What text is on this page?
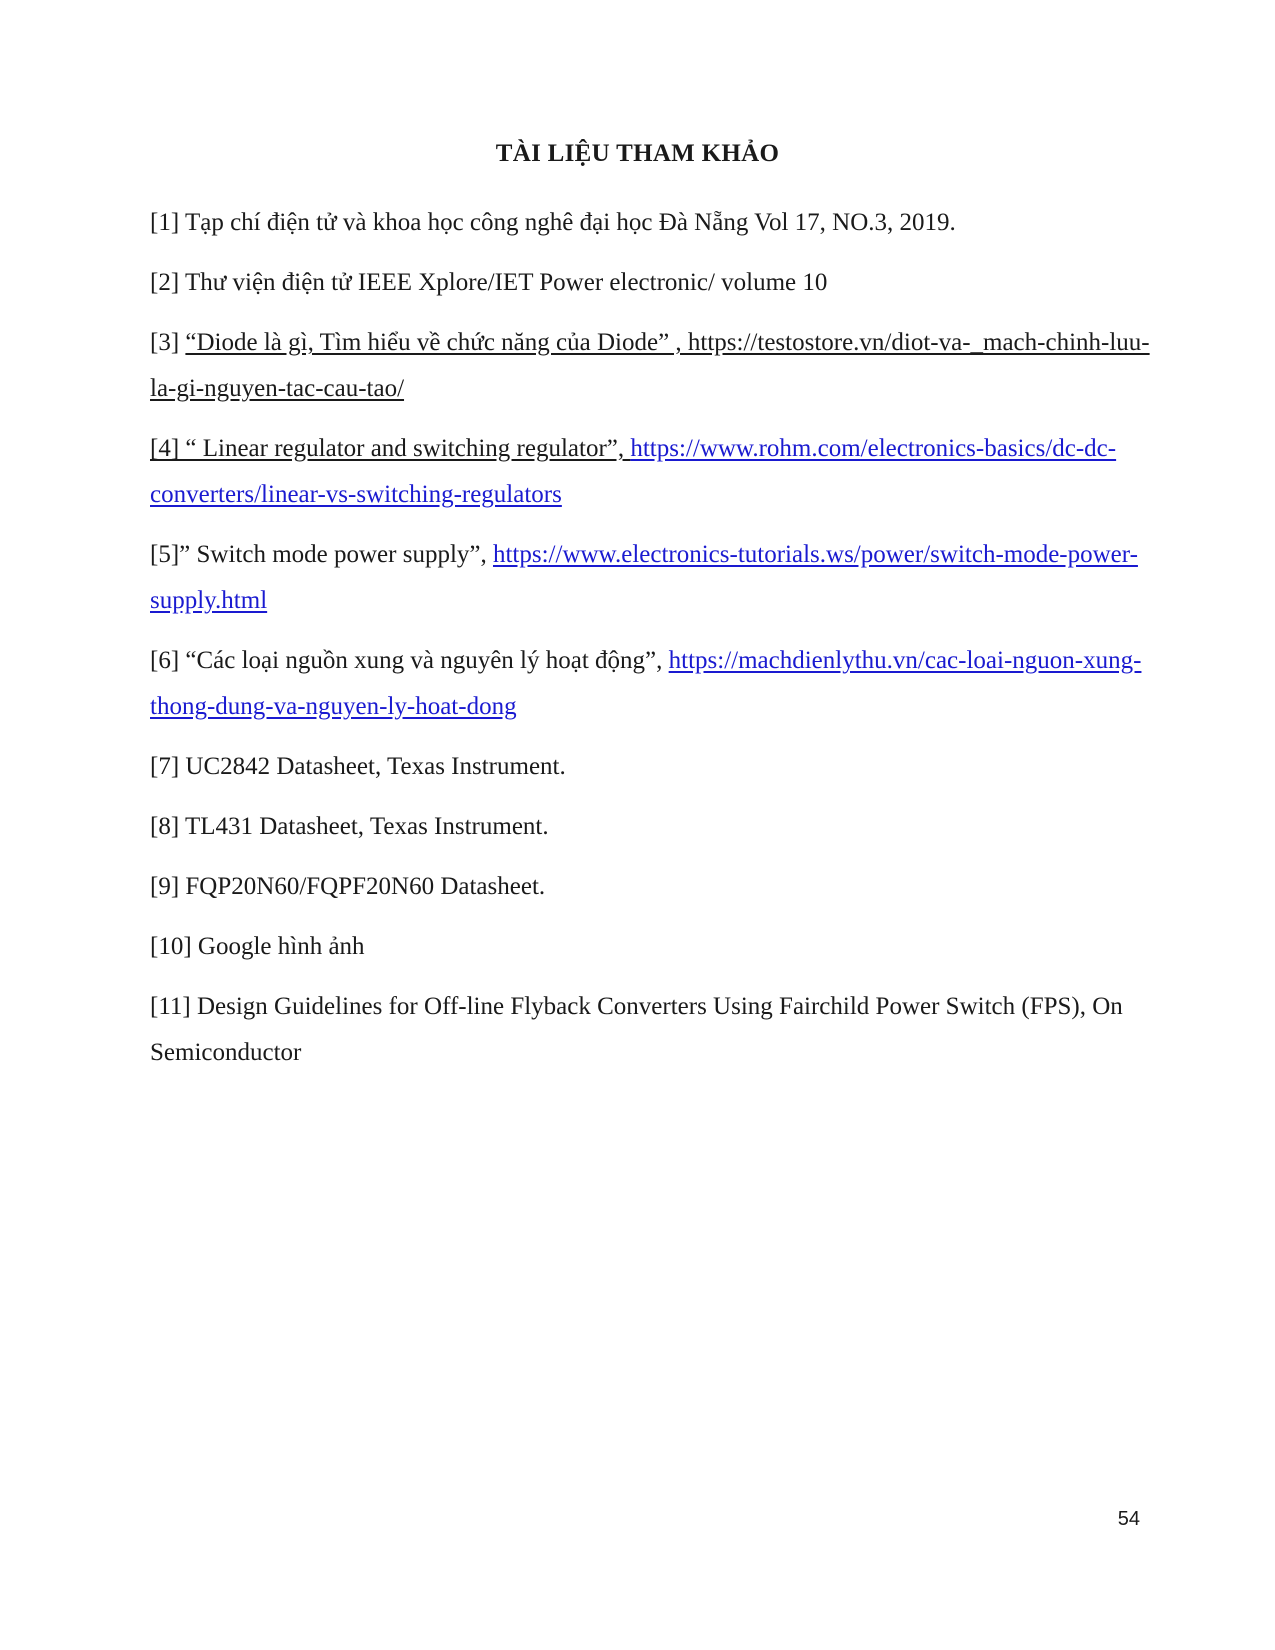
TÀI LIỆU THAM KHẢO
[1] Tạp chí điện tử và khoa học công nghê đại học Đà Nẵng Vol 17, NO.3, 2019.
[2] Thư viện điện tử IEEE Xplore/IET Power electronic/ volume 10
[3] “Diode là gì, Tìm hiểu về chức năng của Diode” , https://testostore.vn/diot-va-_mach-chinh-luu-la-gi-nguyen-tac-cau-tao/
[4] “ Linear regulator and switching regulator”, https://www.rohm.com/electronics-basics/dc-dc-converters/linear-vs-switching-regulators
[5]” Switch mode power supply”, https://www.electronics-tutorials.ws/power/switch-mode-power-supply.html
[6] “Các loại nguồn xung và nguyên lý hoạt động”, https://machdienlythu.vn/cac-loai-nguon-xung-thong-dung-va-nguyen-ly-hoat-dong
[7] UC2842 Datasheet, Texas Instrument.
[8] TL431 Datasheet, Texas Instrument.
[9] FQP20N60/FQPF20N60 Datasheet.
[10] Google hình ảnh
[11] Design Guidelines for Off-line Flyback Converters Using Fairchild Power Switch (FPS), On Semiconductor
54
